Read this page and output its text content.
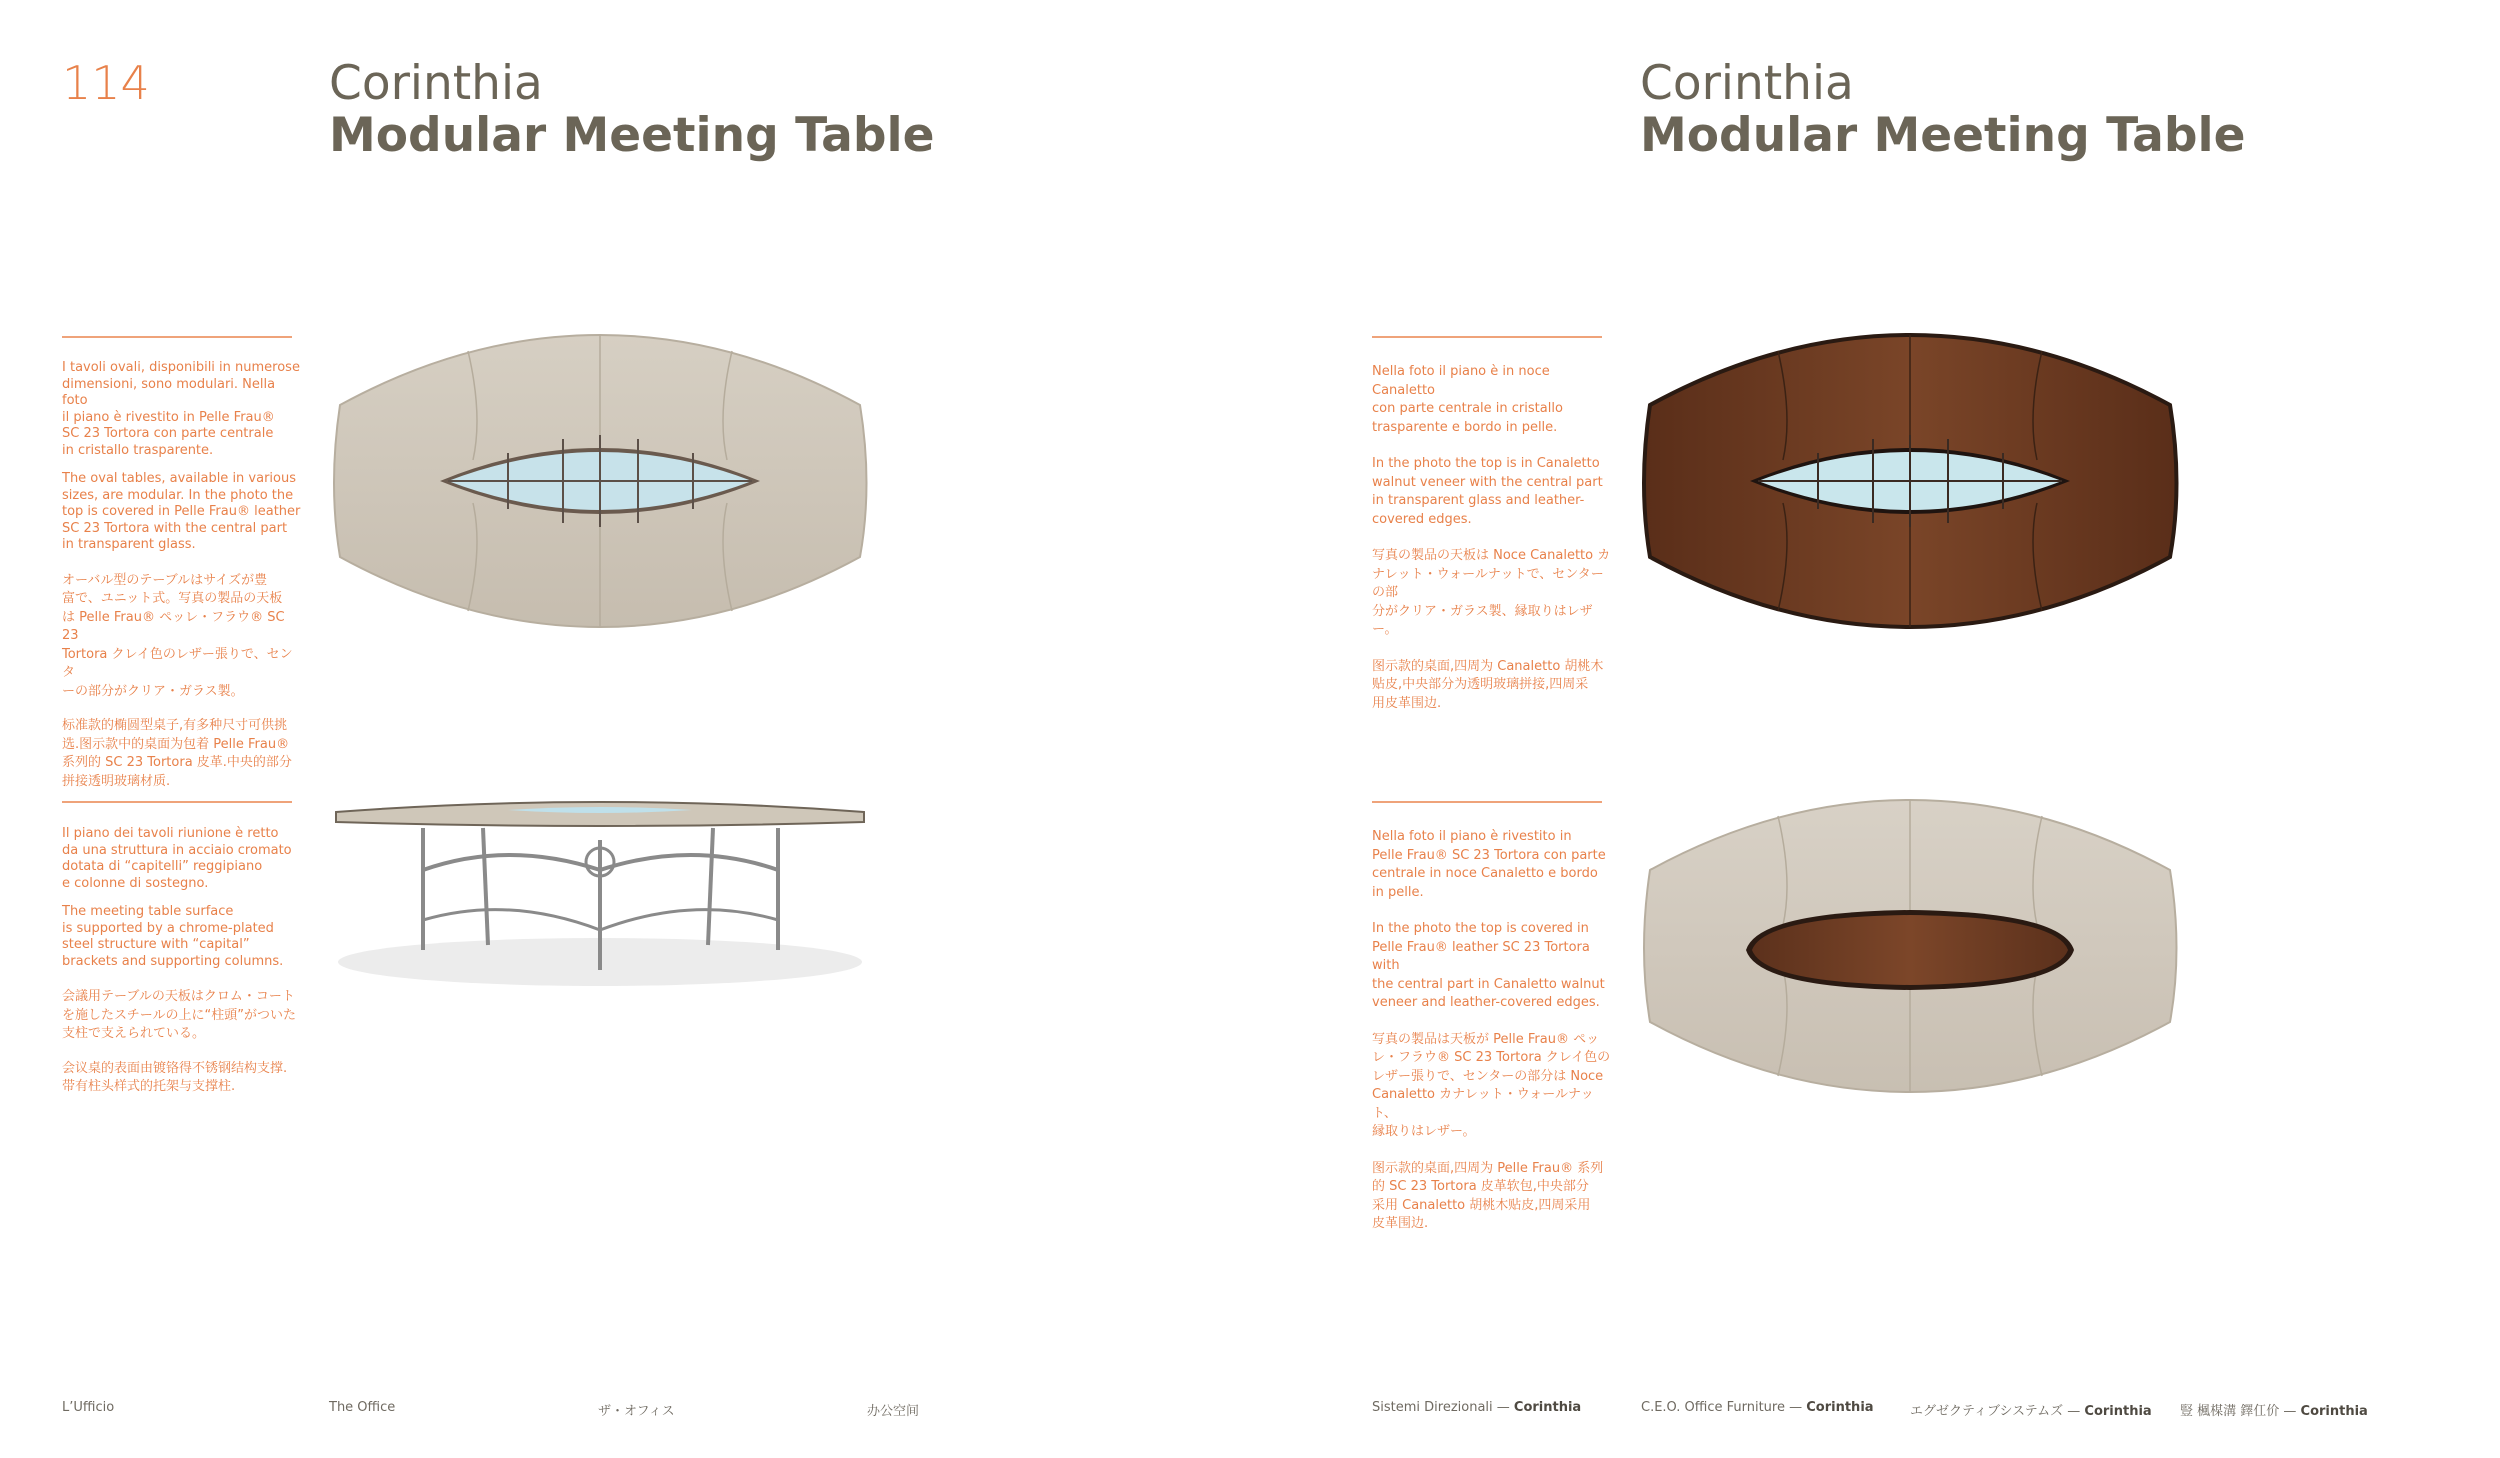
114	Corinthia
Modular Meeting Table
Corinthia
Modular Meeting Table

I tavoli ovali, disponibili in numerose
dimensioni, sono modulari. Nella foto
il piano è rivestito in Pelle Frau®
SC 23 Tortora con parte centrale
in cristallo trasparente.

The oval tables, available in various
sizes, are modular. In the photo the
top is covered in Pelle Frau® leather
SC 23 Tortora with the central part
in transparent glass.

オーバル型のテーブルはサイズが豊
富で、ユニット式。写真の製品の天板
は Pelle Frau® ペッレ・フラウ® SC 23
Tortora クレイ色のレザー張りで、センタ
ーの部分がクリア・ガラス製。

标准款的椭圆型桌子,有多种尺寸可供挑
选.图示款中的桌面为包着 Pelle Frau®
系列的 SC 23 Tortora 皮革.中央的部分
拼接透明玻璃材质.

Il piano dei tavoli riunione è retto
da una struttura in acciaio cromato
dotata di “capitelli” reggipiano
e colonne di sostegno.

The meeting table surface
is supported by a chrome-plated
steel structure with “capital”
brackets and supporting columns.

会議用テーブルの天板はクロム・コート
を施したスチールの上に“柱頭”がついた
支柱で支えられている。

会议桌的表面由镀铬得不锈钢结构支撑.
带有柱头样式的托架与支撑柱.

Nella foto il piano è in noce Canaletto
con parte centrale in cristallo
trasparente e bordo in pelle.

In the photo the top is in Canaletto
walnut veneer with the central part
in transparent glass and leather-
covered edges.

写真の製品の天板は Noce Canaletto カ
ナレット・ウォールナットで、センターの部
分がクリア・ガラス製、縁取りはレザー。

图示款的桌面,四周为 Canaletto 胡桃木
贴皮,中央部分为透明玻璃拼接,四周采
用皮革围边.

Nella foto il piano è rivestito in
Pelle Frau® SC 23 Tortora con parte
centrale in noce Canaletto e bordo
in pelle.

In the photo the top is covered in
Pelle Frau® leather SC 23 Tortora with
the central part in Canaletto walnut
veneer and leather-covered edges.

写真の製品は天板が Pelle Frau® ペッ
レ・フラウ® SC 23 Tortora クレイ色の
レザー張りで、センターの部分は Noce
Canaletto カナレット・ウォールナット、
縁取りはレザー。

图示款的桌面,四周为 Pelle Frau® 系列
的 SC 23 Tortora 皮革软包,中央部分
采用 Canaletto 胡桃木贴皮,四周采用
皮革围边.

L’Ufficio	The Office	ザ・オフィス	办公空间	Sistemi Direzionali — Corinthia	C.E.O. Office Furniture — Corinthia	エグゼクティブシステムズ — Corinthia 豎 楓楳溝 鐸仜价 — Corinthia
